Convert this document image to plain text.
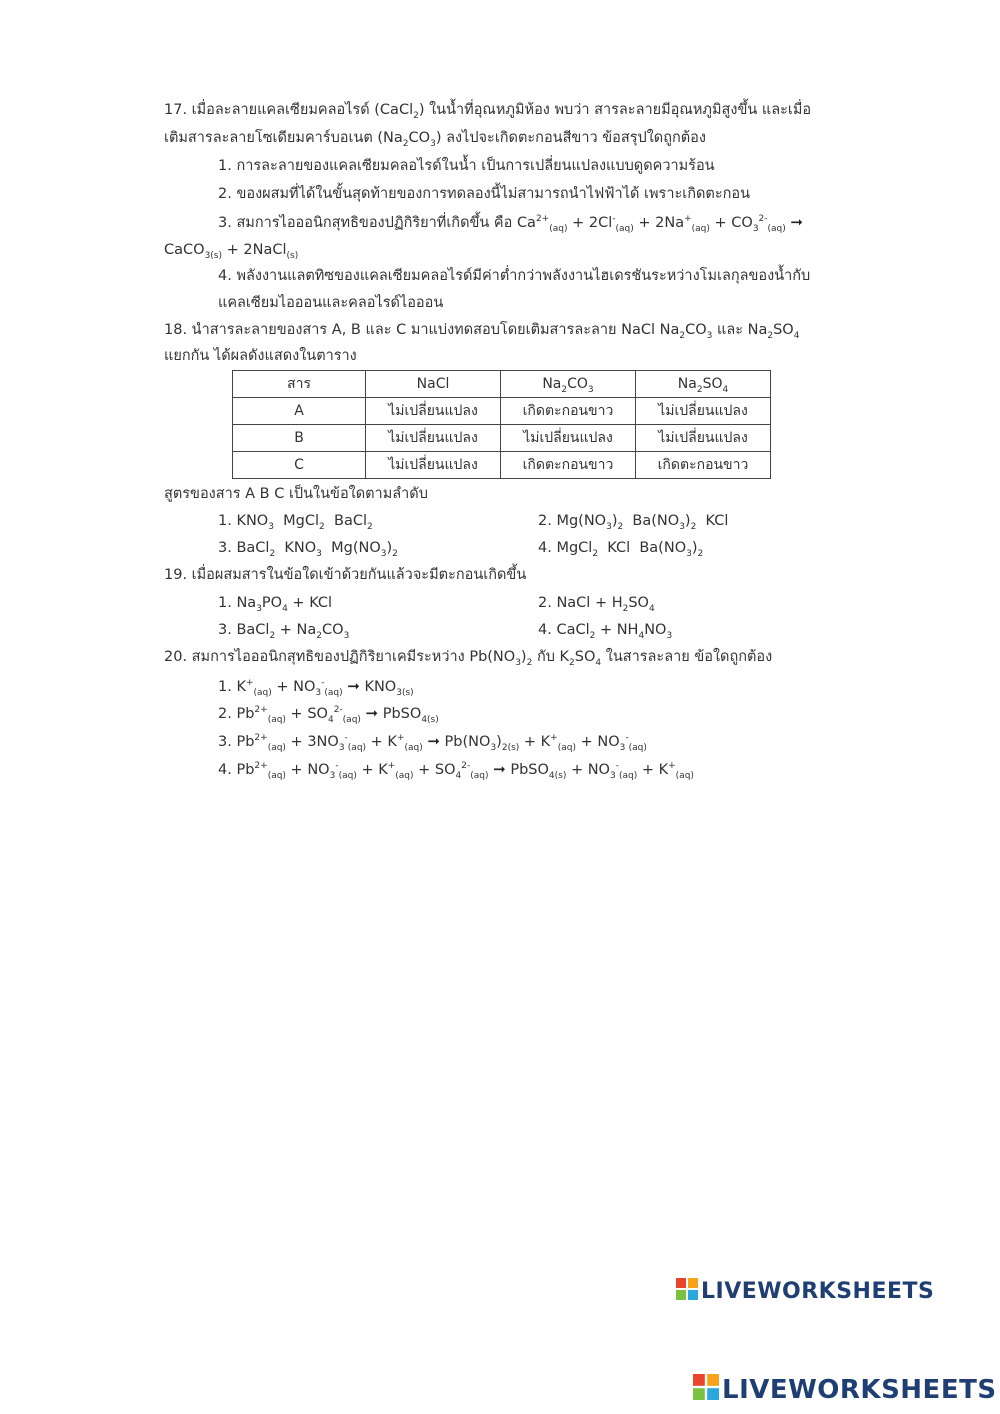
17. เมื่อละลายแคลเซียมคลอไรด์ (CaCl$_2$) ในน้ำที่อุณหภูมิห้อง พบว่า สารละลายมีอุณหภูมิสูงขึ้น และเมื่อ
เติมสารละลายโซเดียมคาร์บอเนต $(Na_2CO_3)$ ลงไปจะเกิดตะกอนสีขาว ข้อสรุปใดถูกต้อง
1. การละลายของแคลเซียมคลอไรด์ในน้ำ เป็นการเปลี่ยนแปลงแบบดูดความร้อน
2. ของผสมที่ได้ในขั้นสุดท้ายของการทดลองนี้ไม่สามารถนำไฟฟ้าได้ เพราะเกิดตะกอน
3. สมการไอออนิกสุทธิของปฏิกิริยาที่เกิดขึ้น คือ $Ca^{2+}_{(aq)} + 2Cl^-_{(aq)} + 2Na^+_{(aq)} + CO_3^{2-}_{(aq)}$ ➞
CaCO$_{3(s)}$ + 2NaCl$_{(s)}$
4. พลังงานแลตทิซของแคลเซียมคลอไรด์มีค่าต่ำกว่าพลังงานไฮเดรชันระหว่างโมเลกุลของน้ำกับ
แคลเซียมไอออนและคลอไรด์ไอออน
18. นำสารละลายของสาร A, B และ C มาแบ่งทดสอบโดยเติมสารละลาย NaCl $Na_2CO_3$ และ $Na_2SO_4$
แยกกัน ได้ผลดังแสดงในตาราง
สาร	NaCl	$Na_2CO_3$	$Na_2SO_4$
A	ไม่เปลี่ยนแปลง	เกิดตะกอนขาว	ไม่เปลี่ยนแปลง
B	ไม่เปลี่ยนแปลง	ไม่เปลี่ยนแปลง	ไม่เปลี่ยนแปลง
C	ไม่เปลี่ยนแปลง	เกิดตะกอนขาว	เกิดตะกอนขาว
สูตรของสาร A B C เป็นในข้อใดตามลำดับ
1. $KNO_3$  MgCl$_2$  BaCl$_2$	2. $Mg(NO_3)_2$  $Ba(NO_3)_2$  KCl
3. BaCl$_2$  $KNO_3$  $Mg(NO_3)_2$	4. MgCl$_2$  KCl  $Ba(NO_3)_2$
19. เมื่อผสมสารในข้อใดเข้าด้วยกันแล้วจะมีตะกอนเกิดขึ้น
1. $Na_3PO_4$ + KCl	2. NaCl + $H_2SO_4$
3. BaCl$_2$ + $Na_2CO_3$	4. CaCl$_2$ + $NH_4NO_3$
20. สมการไอออนิกสุทธิของปฏิกิริยาเคมีระหว่าง $Pb(NO_3)_2$ กับ $K_2SO_4$ ในสารละลาย ข้อใดถูกต้อง
1. $K^+_{(aq)} + NO_3^-_{(aq)}$ ➞ $KNO_{3(s)}$
2. $Pb^{2+}_{(aq)} + SO_4^{2-}_{(aq)}$ ➞ PbSO$_{4(s)}$
3. $Pb^{2+}_{(aq)} + 3NO_3^-_{(aq)} + K^+_{(aq)}$ ➞ $Pb(NO_3)_{2(s)} + K^+_{(aq)} + NO_3^-_{(aq)}$
4. $Pb^{2+}_{(aq)} + NO_3^-_{(aq)} + K^+_{(aq)} + SO_4^{2-}_{(aq)}$ ➞ PbSO$_{4(s)}$ + $NO_3^-_{(aq)} + K^+_{(aq)}$
LIVEWORKSHEETS
LIVEWORKSHEETS
